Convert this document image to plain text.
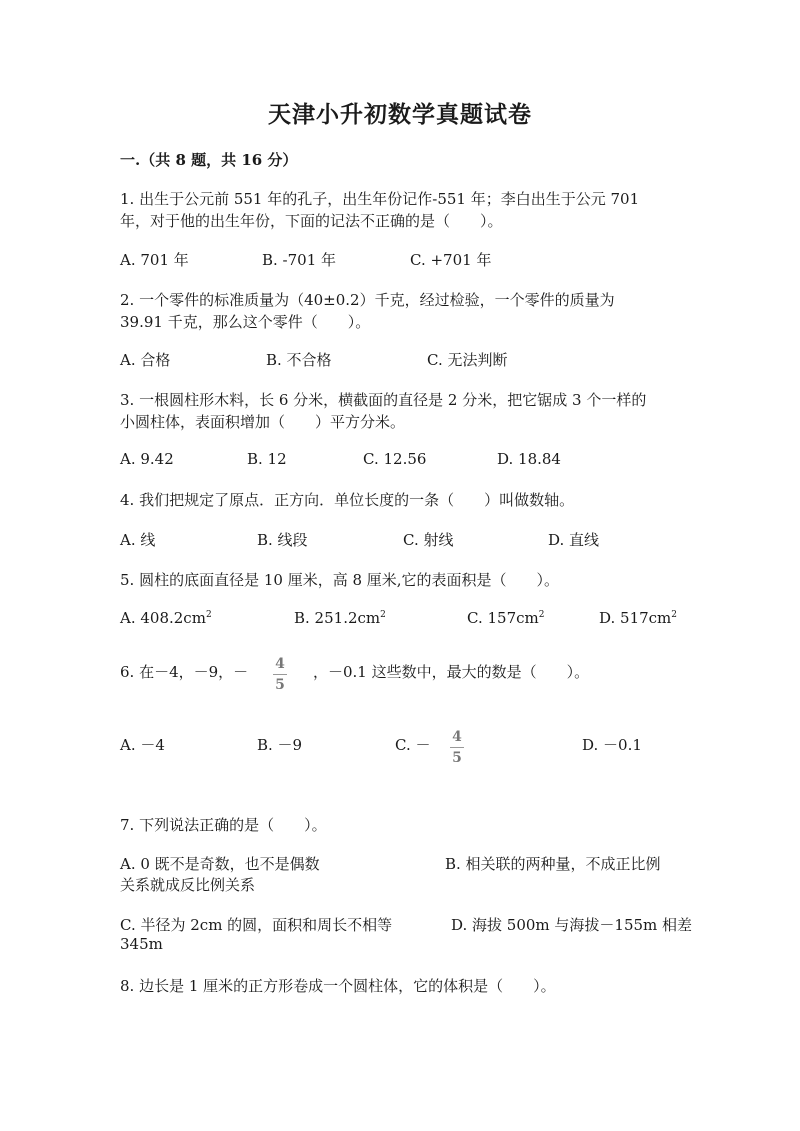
天津小升初数学真题试卷
一.（共 8 题，共 16 分）
1. 出生于公元前 551 年的孔子，出生年份记作-551 年；李白出生于公元 701
年，对于他的出生年份，下面的记法不正确的是（　　）。
A. 701 年	B. -701 年	C. +701 年
2. 一个零件的标准质量为（40±0.2）千克，经过检验，一个零件的质量为
39.91 千克，那么这个零件（　　）。
A. 合格	B. 不合格	C. 无法判断
3. 一根圆柱形木料，长 6 分米，横截面的直径是 2 分米，把它锯成 3 个一样的
小圆柱体，表面积增加（　　）平方分米。
A. 9.42	B. 12	C. 12.56	D. 18.84
4. 我们把规定了原点．正方向．单位长度的一条（　　）叫做数轴。
A. 线	B. 线段	C. 射线	D. 直线
5. 圆柱的底面直径是 10 厘米，高 8 厘米,它的表面积是（　　）。
A. $408.2cm^2$	B. $251.2cm^2$	C. $157cm^2$	D. $517cm^2$
6. 在－4，－9，－ 4
5
，－0.1 这些数中，最大的数是（　　）。
A. －4	B. －9	C. － 4
5
D. －0.1
7. 下列说法正确的是（　　）。
A. 0 既不是奇数，也不是偶数	B. 相关联的两种量，不成正比例
关系就成反比例关系
C. 半径为 2cm 的圆，面积和周长不相等	D. 海拔 500m 与海拔－155m 相差
345m
8. 边长是 1 厘米的正方形卷成一个圆柱体，它的体积是（　　）。
